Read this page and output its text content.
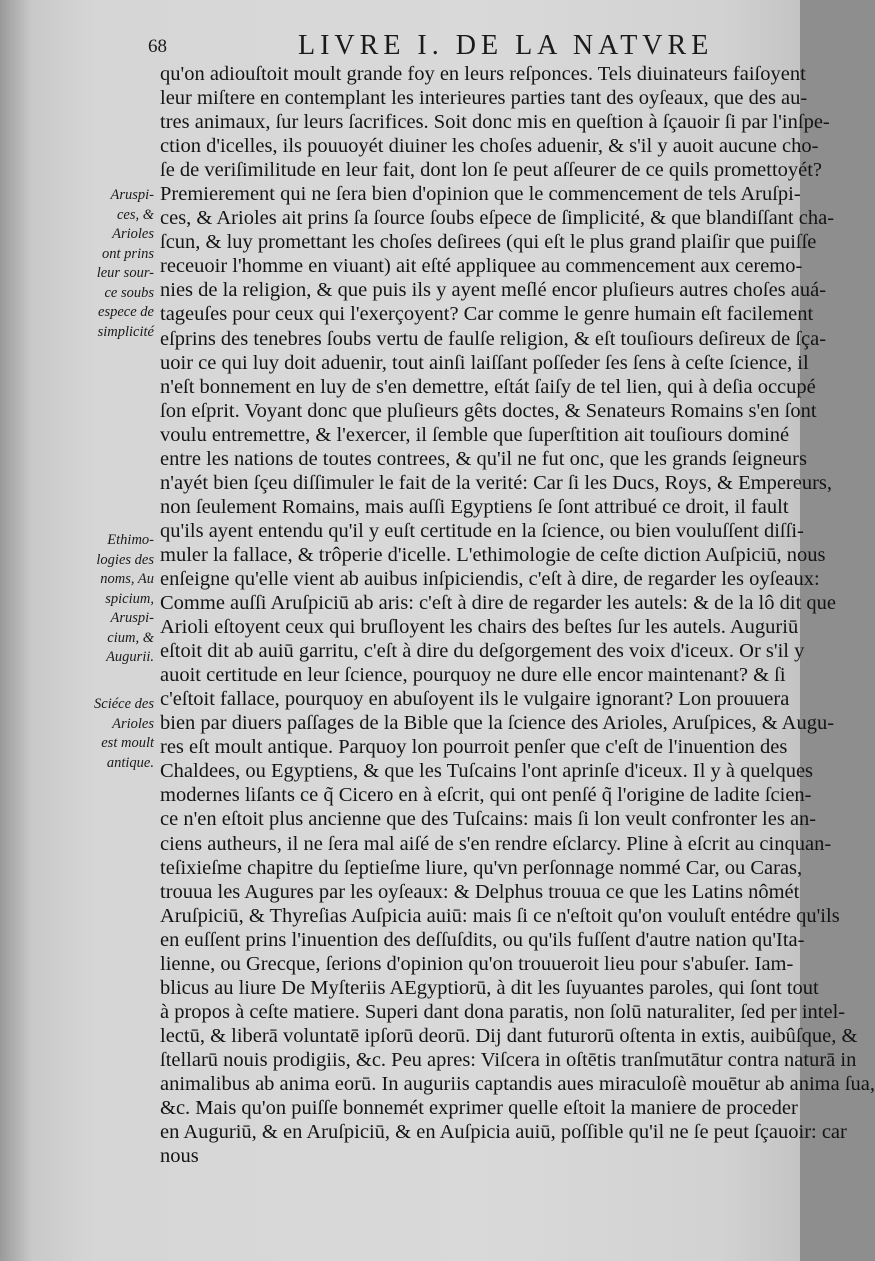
68	LIVRE I. DE LA NATVRE
Aruspi-
ces, &
Arioles
ont prins
leur sour-
ce soubs
espece de
simplicité
Ethimo-
logies des
noms, Au
spicium,
Aruspi-
cium, &
Augurii.
Sciéce des
Arioles
est moult
antique.
qu'on adiouſtoit moult grande foy en leurs reſponces. Tels diuinateurs faiſoyent
leur miſtere en contemplant les interieures parties tant des oyſeaux, que des au-
tres animaux, ſur leurs ſacrifices. Soit donc mis en queſtion à ſçauoir ſi par l'inſpe-
ction d'icelles, ils pouuoyét diuiner les choſes aduenir, & s'il y auoit aucune cho-
ſe de veriſimilitude en leur fait, dont lon ſe peut aſſeurer de ce quils promettoyét?
Premierement qui ne ſera bien d'opinion que le commencement de tels Aruſpi-
ces, & Arioles ait prins ſa ſource ſoubs eſpece de ſimplicité, & que blandiſſant cha-
ſcun, & luy promettant les choſes deſirees (qui eſt le plus grand plaiſir que puiſſe
receuoir l'homme en viuant) ait eſté appliquee au commencement aux ceremo-
nies de la religion, & que puis ils y ayent meſlé encor pluſieurs autres choſes auá-
tageuſes pour ceux qui l'exerçoyent? Car comme le genre humain eſt facilement
eſprins des tenebres ſoubs vertu de faulſe religion, & eſt touſiours deſireux de ſça-
uoir ce qui luy doit aduenir, tout ainſi laiſſant poſſeder ſes ſens à ceſte ſcience, il
n'eſt bonnement en luy de s'en demettre, eſtát ſaiſy de tel lien, qui à deſia occupé
ſon eſprit. Voyant donc que pluſieurs gêts doctes, & Senateurs Romains s'en ſont
voulu entremettre, & l'exercer, il ſemble que ſuperſtition ait touſiours dominé
entre les nations de toutes contrees, & qu'il ne fut onc, que les grands ſeigneurs
n'ayét bien ſçeu diſſimuler le fait de la verité: Car ſi les Ducs, Roys, & Empereurs,
non ſeulement Romains, mais auſſi Egyptiens ſe ſont attribué ce droit, il fault
qu'ils ayent entendu qu'il y euſt certitude en la ſcience, ou bien vouluſſent diſſi-
muler la fallace, & trôperie d'icelle. L'ethimologie de ceſte diction Auſpiciū, nous
enſeigne qu'elle vient ab auibus inſpiciendis, c'eſt à dire, de regarder les oyſeaux:
Comme auſſi Aruſpiciū ab aris: c'eſt à dire de regarder les autels: & de la lô dit que
Arioli eſtoyent ceux qui bruſloyent les chairs des beſtes ſur les autels. Auguriū
eſtoit dit ab auiū garritu, c'eſt à dire du deſgorgement des voix d'iceux. Or s'il y
auoit certitude en leur ſcience, pourquoy ne dure elle encor maintenant? & ſi
c'eſtoit fallace, pourquoy en abuſoyent ils le vulgaire ignorant? Lon prouuera
bien par diuers paſſages de la Bible que la ſcience des Arioles, Aruſpices, & Augu-
res eſt moult antique. Parquoy lon pourroit penſer que c'eſt de l'inuention des
Chaldees, ou Egyptiens, & que les Tuſcains l'ont aprinſe d'iceux. Il y à quelques
modernes liſants ce q̃ Cicero en à eſcrit, qui ont penſé q̃ l'origine de ladite ſcien-
ce n'en eſtoit plus ancienne que des Tuſcains: mais ſi lon veult confronter les an-
ciens autheurs, il ne ſera mal aiſé de s'en rendre eſclarcy. Pline à eſcrit au cinquan-
teſixieſme chapitre du ſeptieſme liure, qu'vn perſonnage nommé Car, ou Caras,
trouua les Augures par les oyſeaux: & Delphus trouua ce que les Latins nômét
Aruſpiciū, & Thyreſias Auſpicia auiū: mais ſi ce n'eſtoit qu'on vouluſt entédre qu'ils
en euſſent prins l'inuention des deſſuſdits, ou qu'ils fuſſent d'autre nation qu'Ita-
lienne, ou Grecque, ſerions d'opinion qu'on trouueroit lieu pour s'abuſer. Iam-
blicus au liure De Myſteriis AEgyptiorū, à dit les ſuyuantes paroles, qui ſont tout
à propos à ceſte matiere. Superi dant dona paratis, non ſolū naturaliter, ſed per intel-
lectū, & liberā voluntatē ipſorū deorū. Dij dant futurorū oſtenta in extis, auibûſque, &
ſtellarū nouis prodigiis, &c. Peu apres: Viſcera in oſtētis tranſmutātur contra naturā in
animalibus ab anima eorū. In auguriis captandis aues miraculoſè mouētur ab anima ſua,
&c. Mais qu'on puiſſe bonnemét exprimer quelle eſtoit la maniere de proceder
en Auguriū, & en Aruſpiciū, & en Auſpicia auiū, poſſible qu'il ne ſe peut ſçauoir: car
nous
